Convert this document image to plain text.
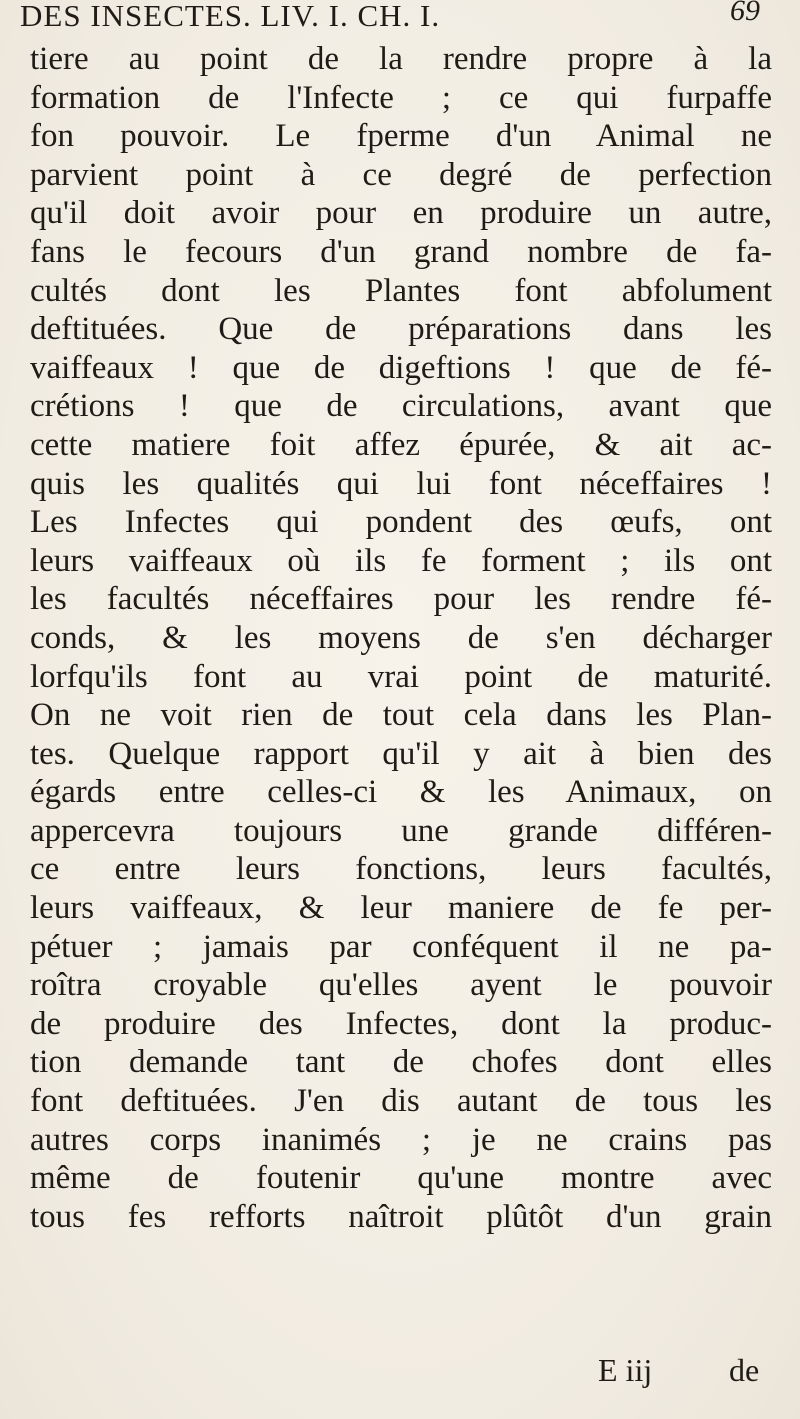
DES INSECTES. LIV. I. CH. I.	69
tiere au point de la rendre propre à la
formation de l'Infecte ; ce qui furpaffe
fon pouvoir. Le fperme d'un Animal ne
parvient point à ce degré de perfection
qu'il doit avoir pour en produire un autre,
fans le fecours d'un grand nombre de fa-
cultés dont les Plantes font abfolument
deftituées. Que de préparations dans les
vaiffeaux ! que de digeftions ! que de fé-
crétions ! que de circulations, avant que
cette matiere foit affez épurée, & ait ac-
quis les qualités qui lui font néceffaires !
Les Infectes qui pondent des œufs, ont
leurs vaiffeaux où ils fe forment ; ils ont
les facultés néceffaires pour les rendre fé-
conds, & les moyens de s'en décharger
lorfqu'ils font au vrai point de maturité.
On ne voit rien de tout cela dans les Plan-
tes. Quelque rapport qu'il y ait à bien des
égards entre celles-ci & les Animaux, on
appercevra toujours une grande différen-
ce entre leurs fonctions, leurs facultés,
leurs vaiffeaux, & leur maniere de fe per-
pétuer ; jamais par conféquent il ne pa-
roîtra croyable qu'elles ayent le pouvoir
de produire des Infectes, dont la produc-
tion demande tant de chofes dont elles
font deftituées. J'en dis autant de tous les
autres corps inanimés ; je ne crains pas
même de foutenir qu'une montre avec
tous fes refforts naîtroit plûtôt d'un grain
E iij de
